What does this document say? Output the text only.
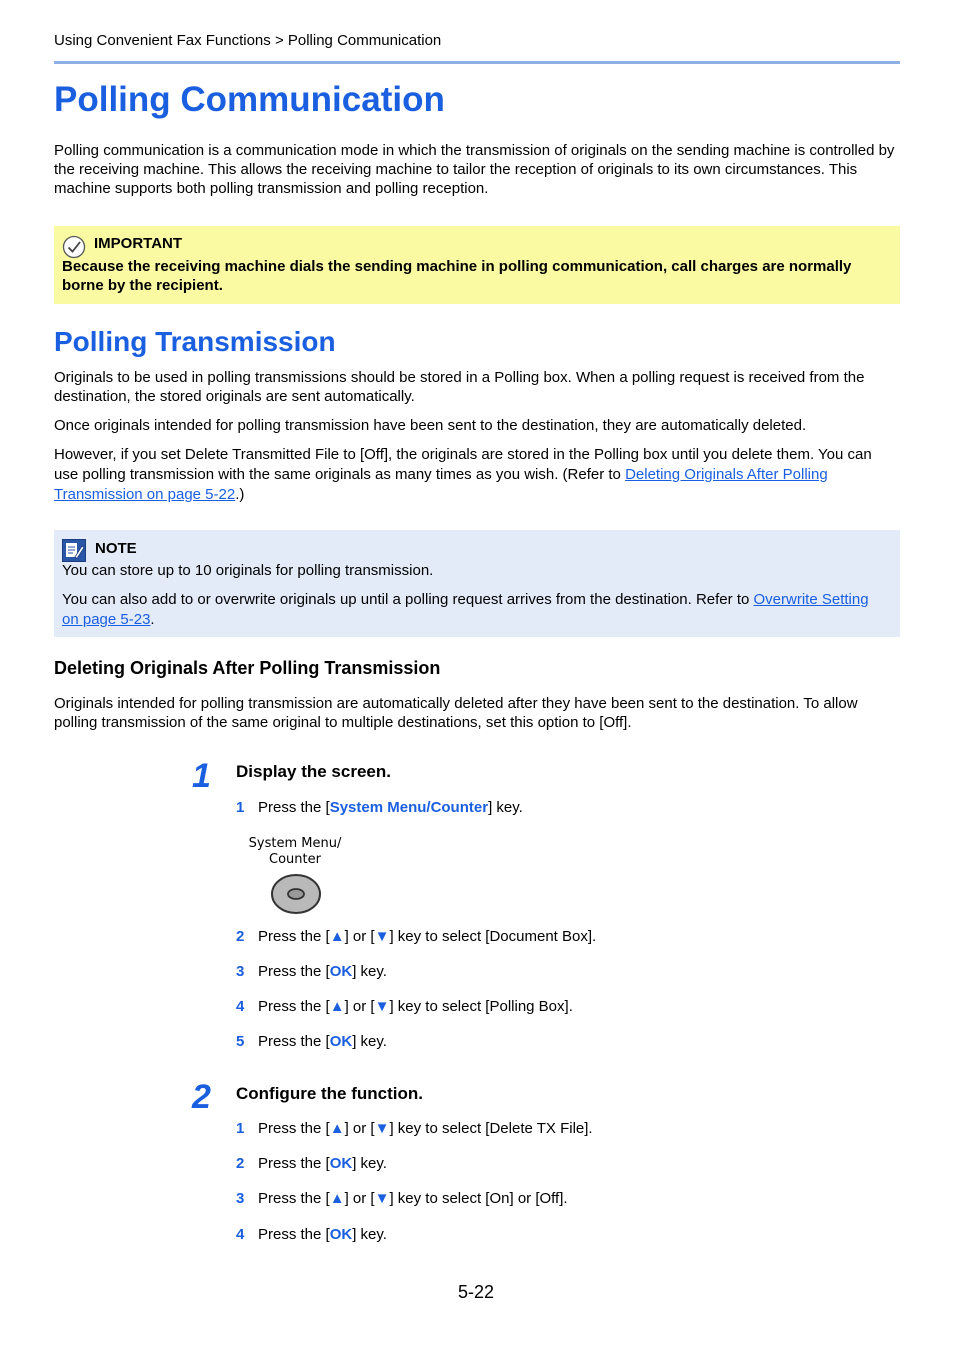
Using Convenient Fax Functions > Polling Communication
Polling Communication

Polling communication is a communication mode in which the transmission of originals on the sending machine is controlled by the receiving machine. This allows the receiving machine to tailor the reception of originals to its own circumstances. This machine supports both polling transmission and polling reception.

IMPORTANT
Because the receiving machine dials the sending machine in polling communication, call charges are normally borne by the recipient.
Polling Transmission

Originals to be used in polling transmissions should be stored in a Polling box. When a polling request is received from the destination, the stored originals are sent automatically.

Once originals intended for polling transmission have been sent to the destination, they are automatically deleted.

However, if you set Delete Transmitted File to [Off], the originals are stored in the Polling box until you delete them. You can use polling transmission with the same originals as many times as you wish. (Refer to Deleting Originals After Polling Transmission on page 5-22.)

NOTE
You can store up to 10 originals for polling transmission.
You can also add to or overwrite originals up until a polling request arrives from the destination. Refer to Overwrite Setting on page 5-23.
Deleting Originals After Polling Transmission

Originals intended for polling transmission are automatically deleted after they have been sent to the destination. To allow polling transmission of the same original to multiple destinations, set this option to [Off].

1 Display the screen.
1 Press the [System Menu/Counter] key.
System Menu/
Counter
2 Press the [▲] or [▼] key to select [Document Box].
3 Press the [OK] key.
4 Press the [▲] or [▼] key to select [Polling Box].
5 Press the [OK] key.
2 Configure the function.
1 Press the [▲] or [▼] key to select [Delete TX File].
2 Press the [OK] key.
3 Press the [▲] or [▼] key to select [On] or [Off].
4 Press the [OK] key.
5-22
